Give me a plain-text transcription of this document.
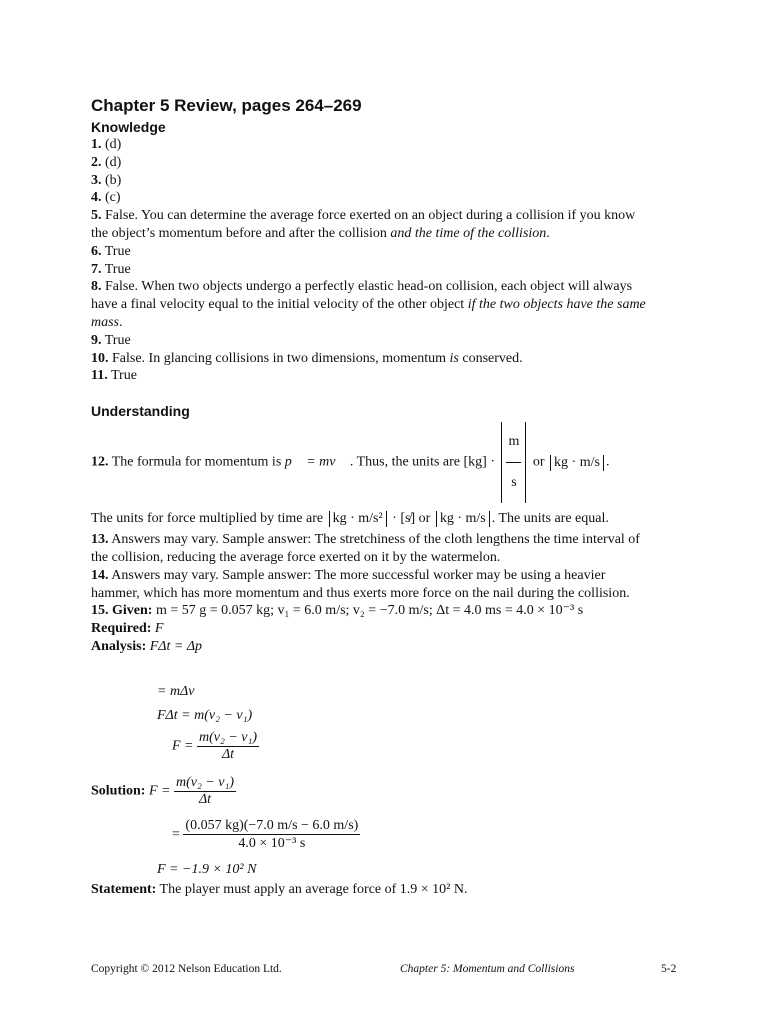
Chapter 5 Review, pages 264–269
Knowledge

1. (d)

2. (d)

3. (b)

4. (c)

5. False. You can determine the average force exerted on an object during a collision if you know the object’s momentum before and after the collision and the time of the collision.

6. True

7. True

8. False. When two objects undergo a perfectly elastic head-on collision, each object will always have a final velocity equal to the initial velocity of the other object if the two objects have the same mass.

9. True

10. False. In glancing collisions in two dimensions, momentum is conserved.

11. True

Understanding

12. The formula for momentum is p⃗ = mv⃗ . Thus, the units are $[kg] \cdot \frac{m}{s}$ or kg · m/s .

The units for force multiplied by time are kg · m/s² · [s̸] or kg · m/s . The units are equal.

13. Answers may vary. Sample answer: The stretchiness of the cloth lengthens the time interval of the collision, reducing the average force exerted on it by the watermelon.

14. Answers may vary. Sample answer: The more successful worker may be using a heavier hammer, which has more momentum and thus exerts more force on the nail during the collision.

15. Given: m = 57 g = 0.057 kg; v₁ = 6.0 m/s; v₂ = −7.0 m/s; Δt = 4.0 ms = 4.0 × 10⁻³ s

Required: F

Analysis: FΔt = Δp

= mΔv
FΔt = m(v₂ − v₁)
$F = \frac{\text{m(v₂ − v₁)}}{\Delta t}$
Solution: $F = \frac{\text{m(v₂ − v₁)}}{\Delta t}$
= $\frac{(0.057 kg)(-7.0 m/s - 6.0 m/s)}{\text{4.0 × 10⁻³ s}}$
F = −1.9 × 10² N
Statement: The player must apply an average force of 1.9 × 10² N.
Copyright © 2012 Nelson Education Ltd.	Chapter 5: Momentum and Collisions	5-2
